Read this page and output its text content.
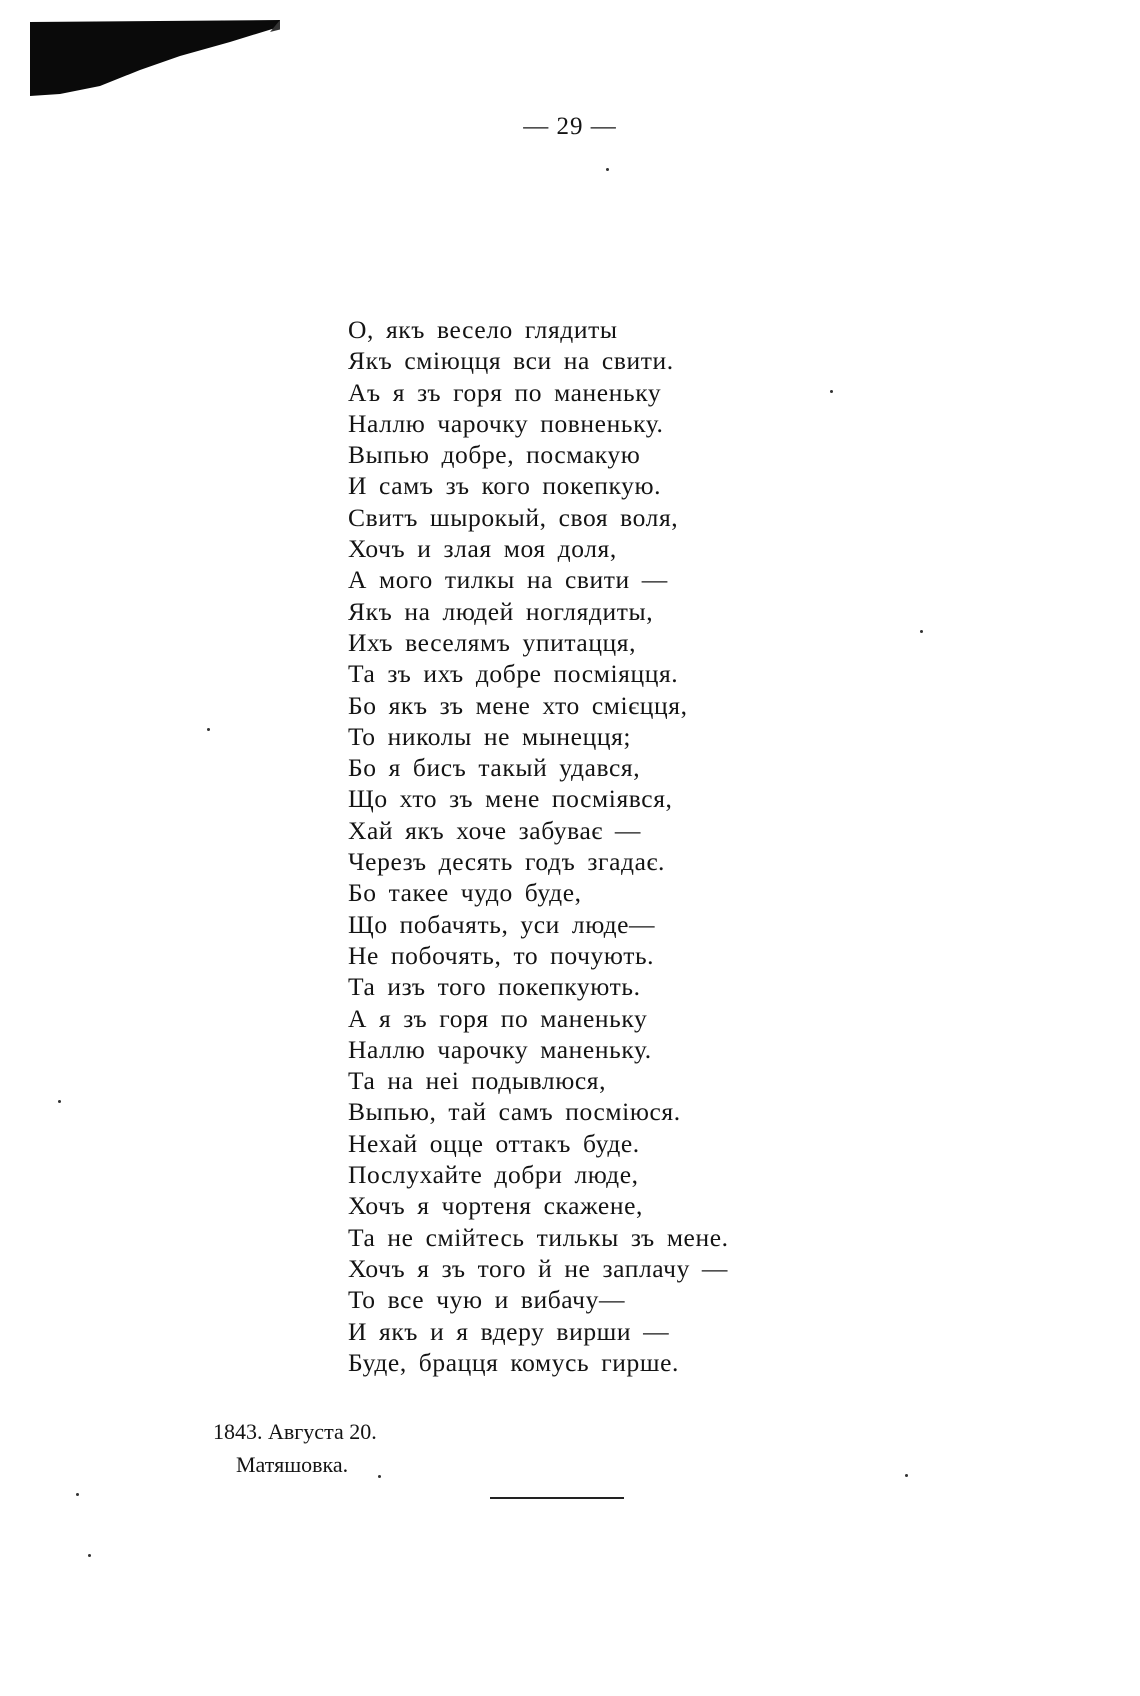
— 29 —
О, якъ весело глядиты
Якъ сміюцця вси на свити.
Аъ я зъ горя по маненьку
Наллю чарочку повненьку.
Выпью добре, посмакую
И самъ зъ кого покепкую.
Свитъ шырокый, своя воля,
Хочъ и злая моя доля,
А мого тилкы на свити —
Якъ на людей ноглядиты,
Ихъ веселямъ упитацця,
Та зъ ихъ добре посміяцця.
Бо якъ зъ мене хто смієцця,
То николы не мынецця;
Бо я бисъ такый удався,
Що хто зъ мене посміявся,
Хай якъ хоче забуває —
Черезъ десять годъ згадає.
Бо такее чудо буде,
Що побачять, уси люде—
Не побочять, то почують.
Та изъ того покепкують.
А я зъ горя по маненьку
Наллю чарочку маненьку.
Та на неі подывлюся,
Выпью, тай самъ посміюся.
Нехай оцце оттакъ буде.
Послухайте добри люде,
Хочъ я чортеня скажене,
Та не смійтесь тилькы зъ мене.
Хочъ я зъ того й не заплачу —
То все чую и вибачу—
И якъ и я вдеру вирши —
Буде, брацця комусь гирше.
1843. Августа 20.
Матяшовка.
